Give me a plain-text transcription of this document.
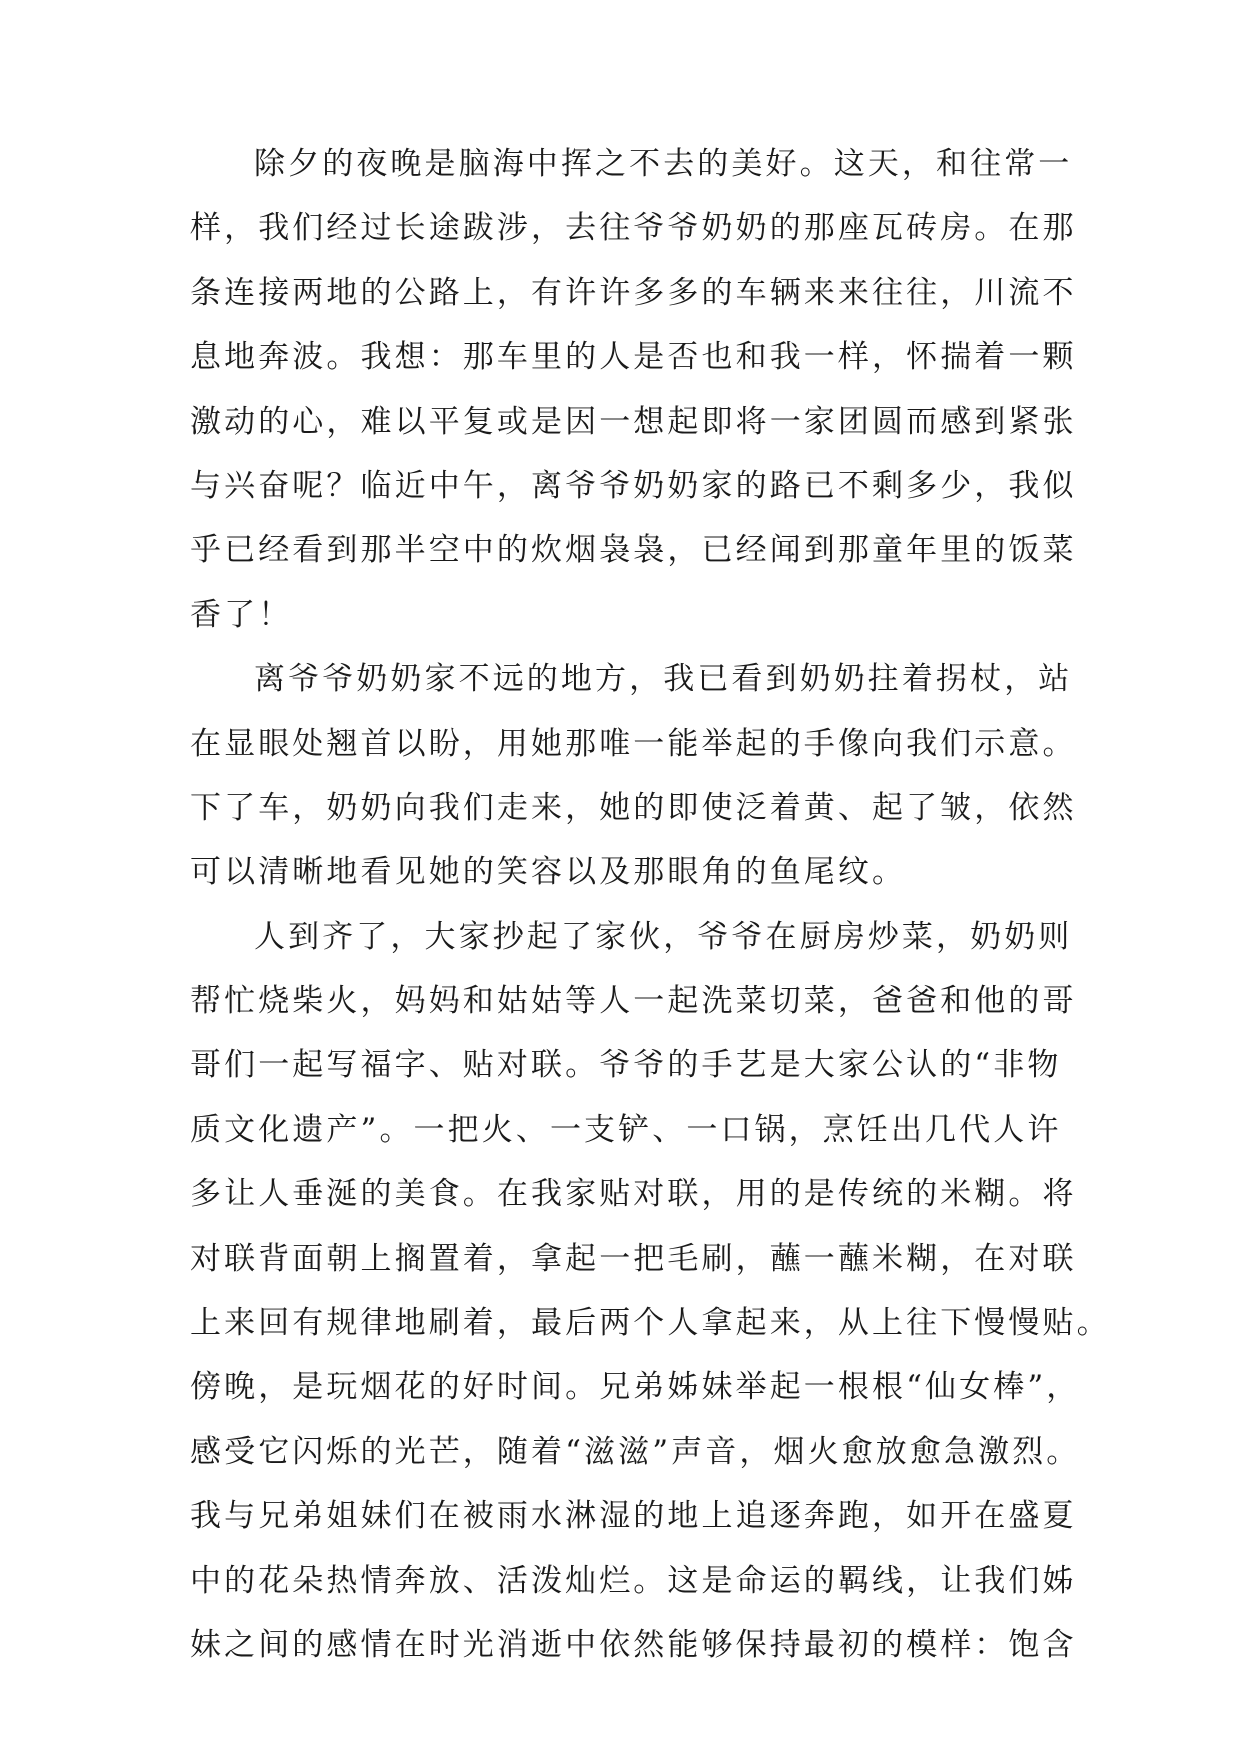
除夕的夜晚是脑海中挥之不去的美好。这天，和往常一
样，我们经过长途跋涉，去往爷爷奶奶的那座瓦砖房。在那
条连接两地的公路上，有许许多多的车辆来来往往，川流不
息地奔波。我想：那车里的人是否也和我一样，怀揣着一颗
激动的心，难以平复或是因一想起即将一家团圆而感到紧张
与兴奋呢？临近中午，离爷爷奶奶家的路已不剩多少，我似
乎已经看到那半空中的炊烟袅袅，已经闻到那童年里的饭菜
香了！
离爷爷奶奶家不远的地方，我已看到奶奶拄着拐杖，站
在显眼处翘首以盼，用她那唯一能举起的手像向我们示意。
下了车，奶奶向我们走来，她的即使泛着黄、起了皱，依然
可以清晰地看见她的笑容以及那眼角的鱼尾纹。
人到齐了，大家抄起了家伙，爷爷在厨房炒菜，奶奶则
帮忙烧柴火，妈妈和姑姑等人一起洗菜切菜，爸爸和他的哥
哥们一起写福字、贴对联。爷爷的手艺是大家公认的“非物
质文化遗产”。一把火、一支铲、一口锅，烹饪出几代人许
多让人垂涎的美食。在我家贴对联，用的是传统的米糊。将
对联背面朝上搁置着，拿起一把毛刷，蘸一蘸米糊，在对联
上来回有规律地刷着，最后两个人拿起来，从上往下慢慢贴。
傍晚，是玩烟花的好时间。兄弟姊妹举起一根根“仙女棒”，
感受它闪烁的光芒，随着“滋滋”声音，烟火愈放愈急激烈。
我与兄弟姐妹们在被雨水淋湿的地上追逐奔跑，如开在盛夏
中的花朵热情奔放、活泼灿烂。这是命运的羁线，让我们姊
妹之间的感情在时光消逝中依然能够保持最初的模样：饱含
